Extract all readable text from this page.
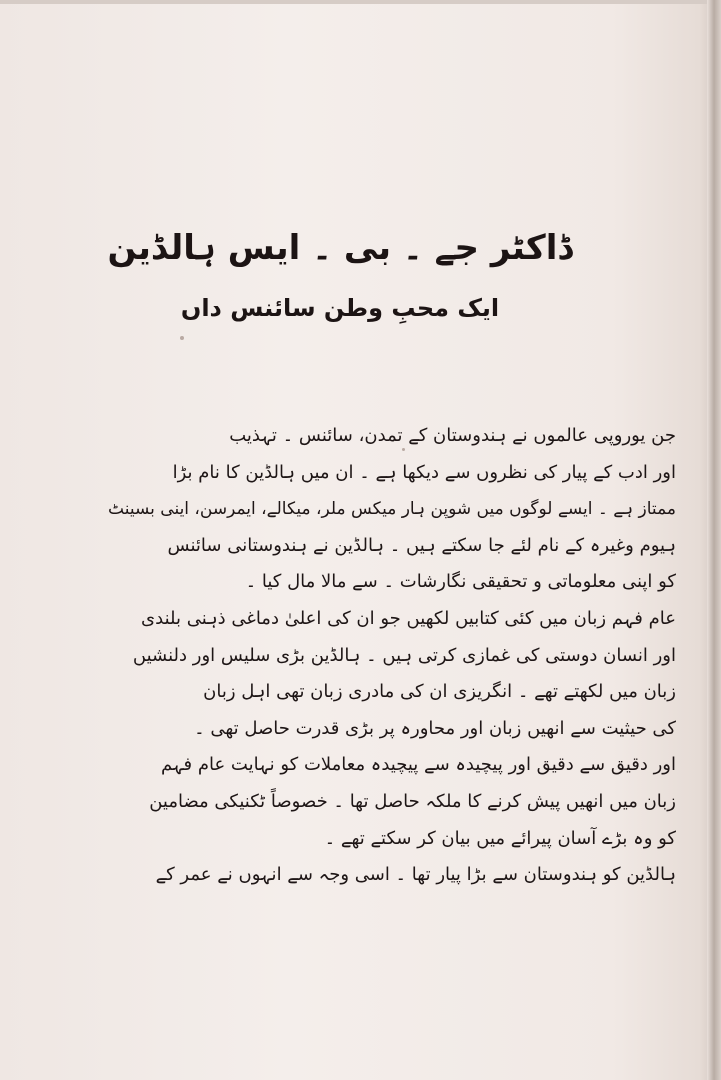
ڈاکٹر جے ۔ بی ۔ ایس ہالڈین
ایک محبِ وطن سائنس داں
جن یوروپی عالموں نے ہندوستان کے تمدن، سائنس ۔ تہذیب
اور ادب کے پیار کی نظروں سے دیکھا ہے ۔ ان میں ہالڈین کا نام بڑا
ممتاز ہے ۔ ایسے لوگوں میں شوپن ہار میکس ملر، میکالے، ایمرسن، اینی بسینٹ
ہیوم وغیرہ کے نام لئے جا سکتے ہیں ۔ ہالڈین نے ہندوستانی سائنس
کو اپنی معلوماتی و تحقیقی نگارشات ۔ سے مالا مال کیا ۔
عام فہم زبان میں کئی کتابیں لکھیں جو ان کی اعلیٰ دماغی ذہنی بلندی
اور انسان دوستی کی غمازی کرتی ہیں ۔ ہالڈین بڑی سلیس اور دلنشیں
زبان میں لکھتے تھے ۔ انگریزی ان کی مادری زبان تھی اہل زبان
کی حیثیت سے انھیں زبان اور محاورہ پر بڑی قدرت حاصل تھی ۔
اور دقیق سے دقیق اور پیچیدہ سے پیچیدہ معاملات کو نہایت عام فہم
زبان میں انھیں پیش کرنے کا ملکہ حاصل تھا ۔ خصوصاً ٹکنیکی مضامین
کو وہ بڑے آسان پیرائے میں بیان کر سکتے تھے ۔
ہالڈین کو ہندوستان سے بڑا پیار تھا ۔ اسی وجہ سے انہوں نے عمر کے
